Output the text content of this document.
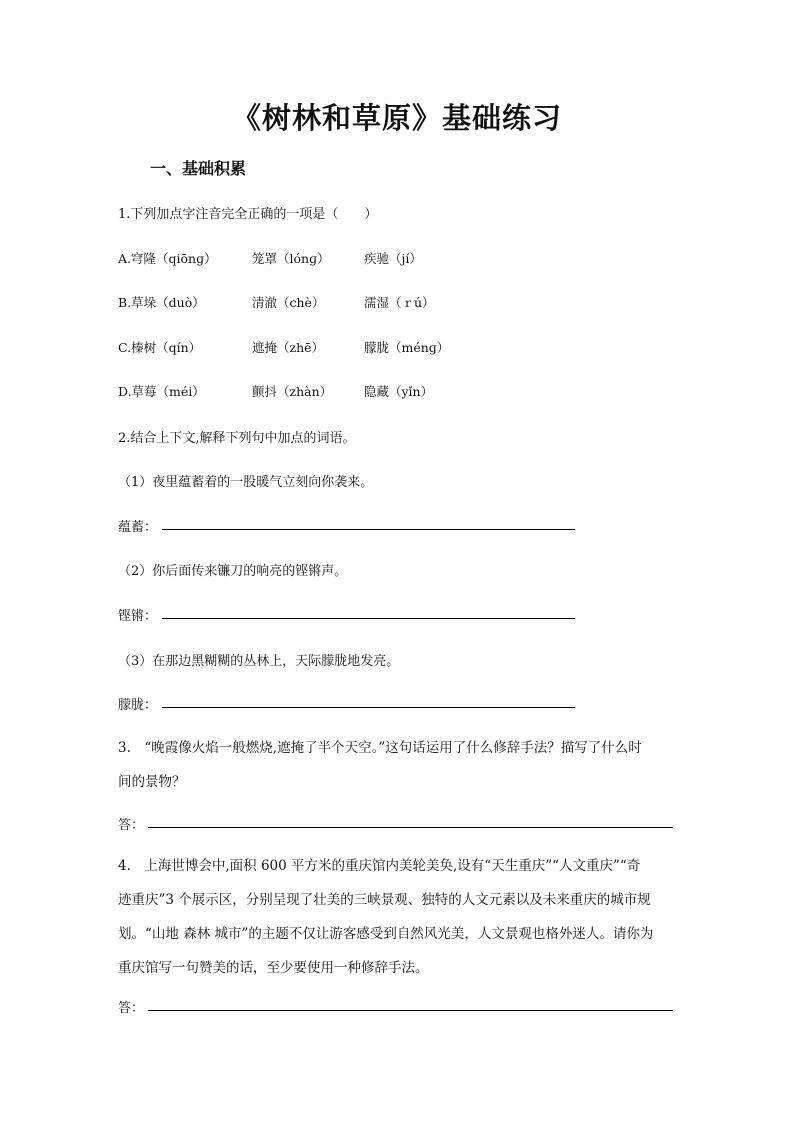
《树林和草原》基础练习
一、基础积累
1.下列加点字注音完全正确的一项是（　　）
A.穹隆（qiōnɡ）	笼罩（lónɡ）	疾驰（jí）
B.草垛（duò）	清澈（chè）	濡湿（ｒú）
C.榛树（qín）	遮掩（zhē）	朦胧（ménɡ）
D.草莓（méi）	颤抖（zhàn）	隐藏（yǐn）
2.结合上下文,解释下列句中加点的词语。
（1）夜里蕴蓄着的一股暖气立刻向你袭来。
蕴蓄：
（2）你后面传来镰刀的响亮的铿锵声。
铿锵：
（3）在那边黑糊糊的丛林上，天际朦胧地发亮。
朦胧：
3.　“晚霞像火焰一般燃烧,遮掩了半个天空。”这句话运用了什么修辞手法？描写了什么时
间的景物？
答：
4.　上海世博会中,面积 600 平方米的重庆馆内美轮美奂,设有“天生重庆”“人文重庆”“奇
迹重庆”3 个展示区，分别呈现了壮美的三峡景观、独特的人文元素以及未来重庆的城市规
划。“山地 森林 城市”的主题不仅让游客感受到自然风光美，人文景观也格外迷人。请你为
重庆馆写一句赞美的话，至少要使用一种修辞手法。
答：
